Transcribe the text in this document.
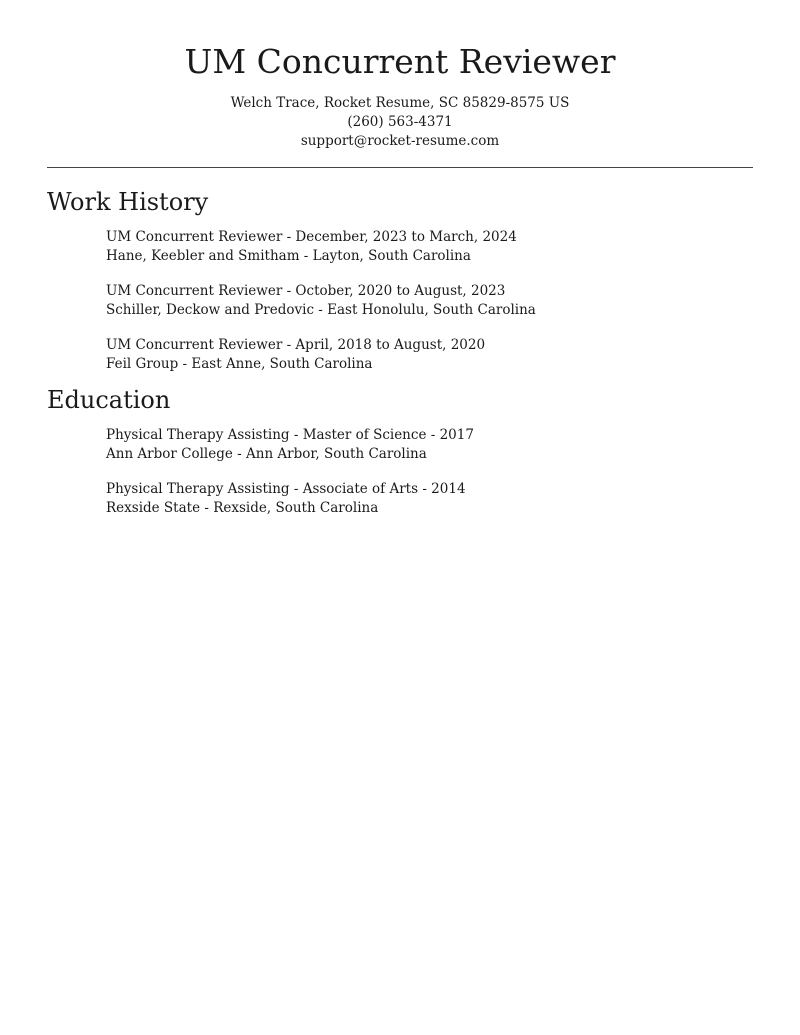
UM Concurrent Reviewer
Welch Trace, Rocket Resume, SC 85829-8575 US
(260) 563-4371
support@rocket-resume.com
Work History
UM Concurrent Reviewer - December, 2023 to March, 2024
Hane, Keebler and Smitham - Layton, South Carolina
UM Concurrent Reviewer - October, 2020 to August, 2023
Schiller, Deckow and Predovic - East Honolulu, South Carolina
UM Concurrent Reviewer - April, 2018 to August, 2020
Feil Group - East Anne, South Carolina
Education
Physical Therapy Assisting - Master of Science - 2017
Ann Arbor College - Ann Arbor, South Carolina
Physical Therapy Assisting - Associate of Arts - 2014
Rexside State - Rexside, South Carolina
